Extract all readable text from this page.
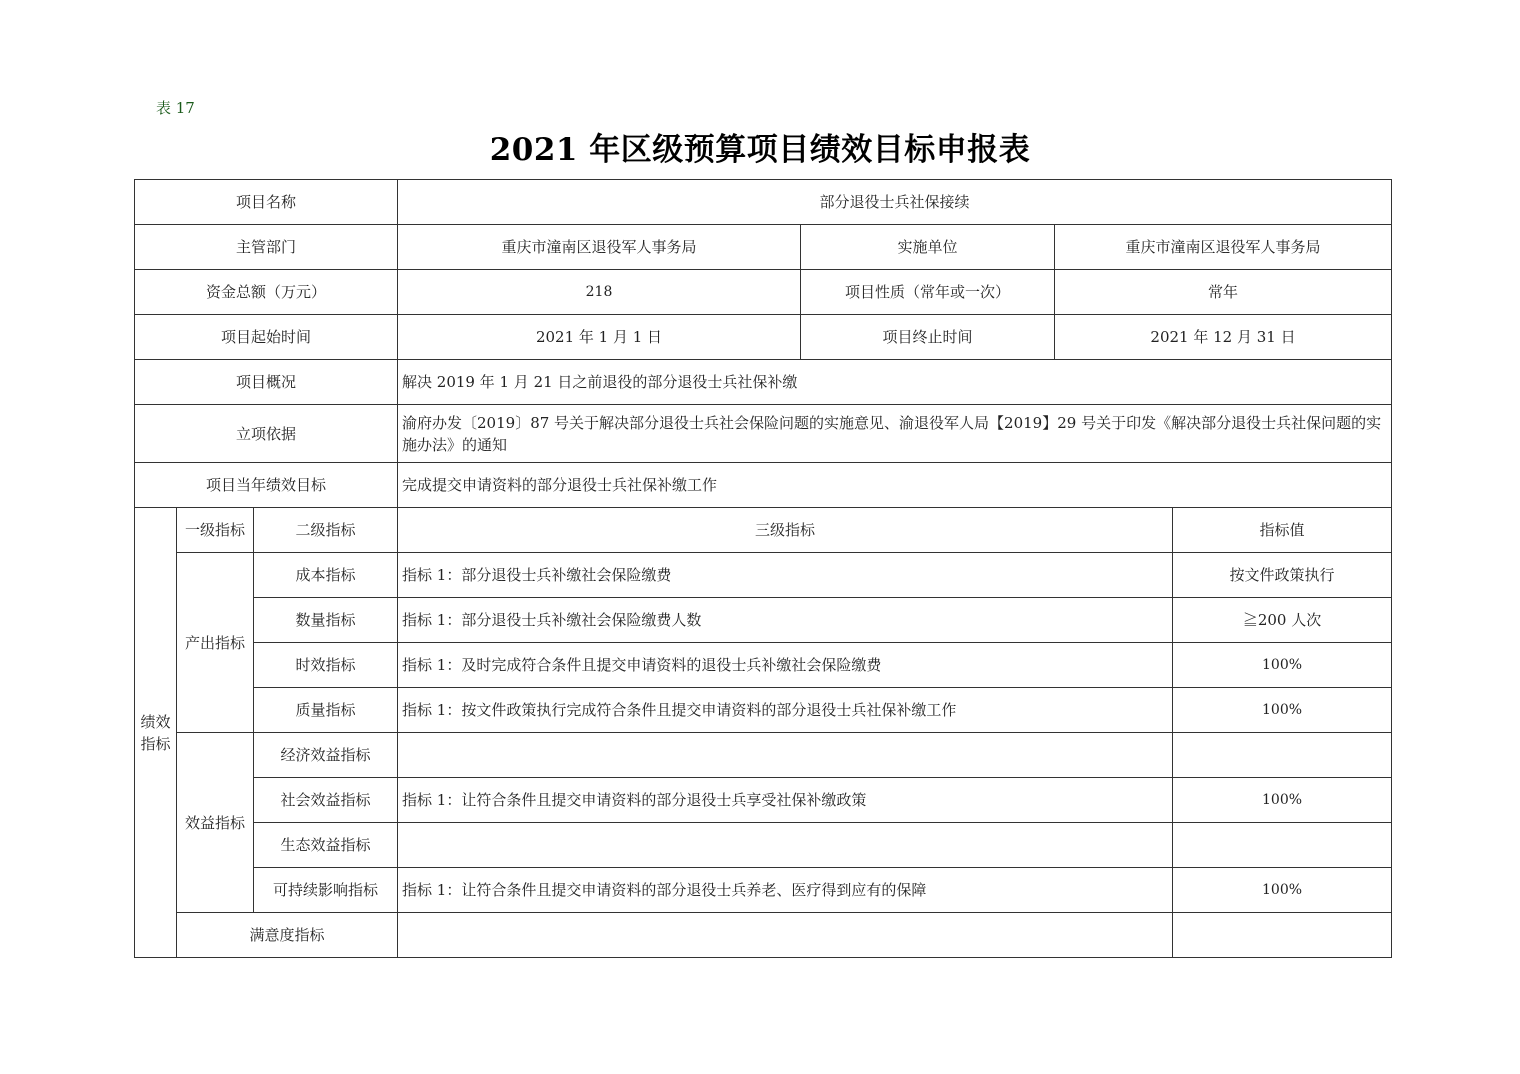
表 17
2021 年区级预算项目绩效目标申报表
项目名称			部分退役士兵社保接续			
主管部门			重庆市潼南区退役军人事务局	实施单位	重庆市潼南区退役军人事务局	
资金总额（万元）			218	项目性质（常年或一次）	常年	
项目起始时间			2021 年 1 月 1 日	项目终止时间	2021 年 12 月 31 日	
项目概况			解决 2019 年 1 月 21 日之前退役的部分退役士兵社保补缴			
立项依据			渝府办发〔2019〕87 号关于解决部分退役士兵社会保险问题的实施意见、渝退役军人局【2019】29 号关于印发《解决部分退役士兵社保问题的实施办法》的通知			
项目当年绩效目标			完成提交申请资料的部分退役士兵社保补缴工作			
绩效指标	一级指标	二级指标	三级指标			指标值
	产出指标	成本指标	指标 1：部分退役士兵补缴社会保险缴费			按文件政策执行
		数量指标	指标 1：部分退役士兵补缴社会保险缴费人数			≧200 人次
		时效指标	指标 1：及时完成符合条件且提交申请资料的退役士兵补缴社会保险缴费			100%
		质量指标	指标 1：按文件政策执行完成符合条件且提交申请资料的部分退役士兵社保补缴工作			100%
	效益指标	经济效益指标				
		社会效益指标	指标 1：让符合条件且提交申请资料的部分退役士兵享受社保补缴政策			100%
		生态效益指标				
		可持续影响指标	指标 1：让符合条件且提交申请资料的部分退役士兵养老、医疗得到应有的保障			100%
	满意度指标					
